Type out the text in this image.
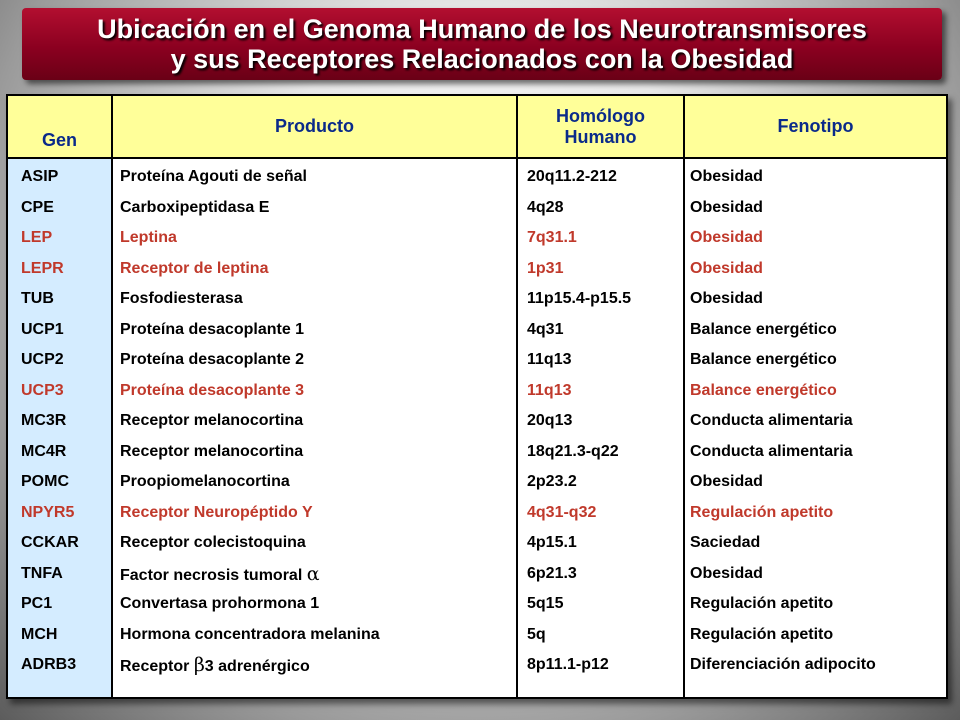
Ubicación en el Genoma Humano de los Neurotransmisores
y sus Receptores Relacionados con la Obesidad
Gen
Producto
Homólogo
Humano
Fenotipo
ASIP
CPE
LEP
LEPR
TUB
UCP1
UCP2
UCP3
MC3R
MC4R
POMC
NPYR5
CCKAR
TNFA
PC1
MCH
ADRB3
Proteína Agouti de señal
Carboxipeptidasa E
Leptina
Receptor de leptina
Fosfodiesterasa
Proteína desacoplante 1
Proteína desacoplante 2
Proteína desacoplante 3
Receptor melanocortina
Receptor melanocortina
Proopiomelanocortina
Receptor Neuropéptido Y
Receptor colecistoquina
Factor necrosis tumoral α
Convertasa prohormona 1
Hormona concentradora melanina
Receptor β3 adrenérgico
20q11.2-212
4q28
7q31.1
1p31
11p15.4-p15.5
4q31
11q13
11q13
20q13
18q21.3-q22
2p23.2
4q31-q32
4p15.1
6p21.3
5q15
5q
8p11.1-p12
Obesidad
Obesidad
Obesidad
Obesidad
Obesidad
Balance energético
Balance energético
Balance energético
Conducta alimentaria
Conducta alimentaria
Obesidad
Regulación apetito
Saciedad
Obesidad
Regulación apetito
Regulación apetito
Diferenciación adipocito
